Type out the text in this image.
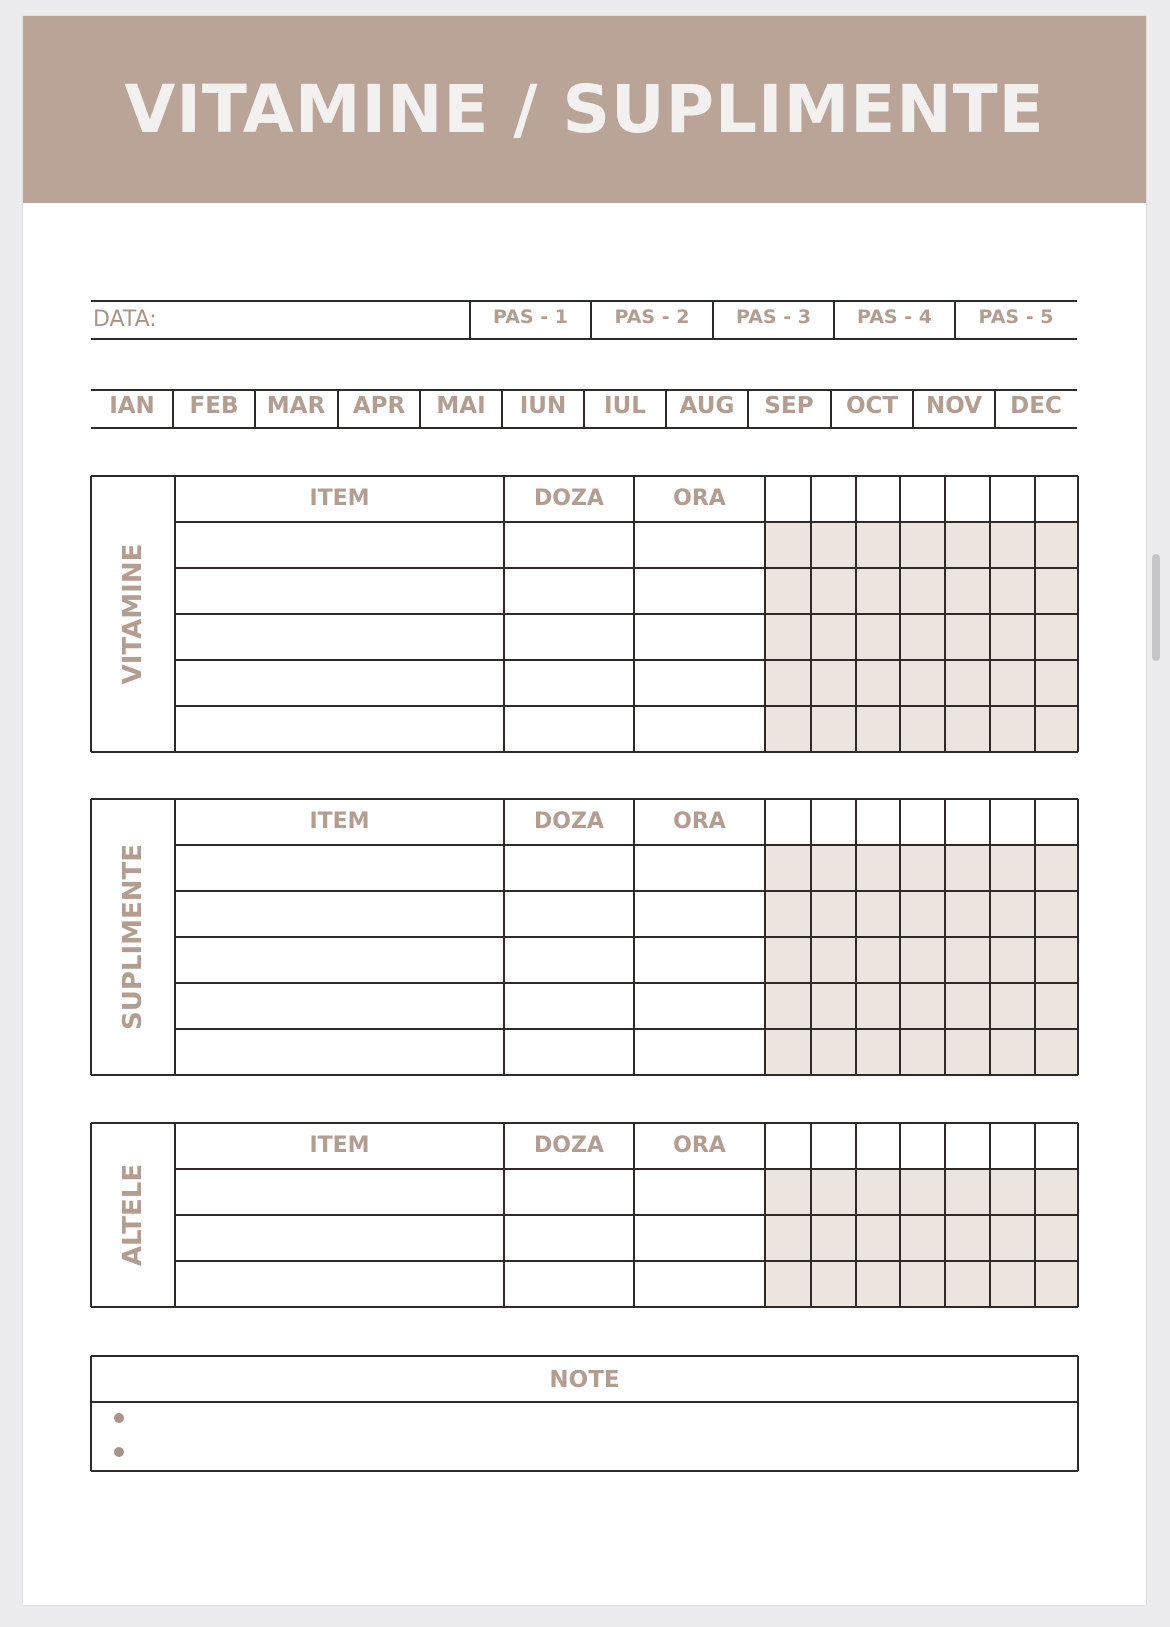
VITAMINE / SUPLIMENTE
DATA:	PAS - 1	PAS - 2	PAS - 3	PAS - 4	PAS - 5
IAN	FEB	MAR	APR	MAI	IUN	IUL	AUG	SEP	OCT	NOV	DEC
ITEM	DOZA	ORA
VITAMINE
ITEM	DOZA	ORA
SUPLIMENTE
ITEM	DOZA	ORA
ALTELE
NOTE
